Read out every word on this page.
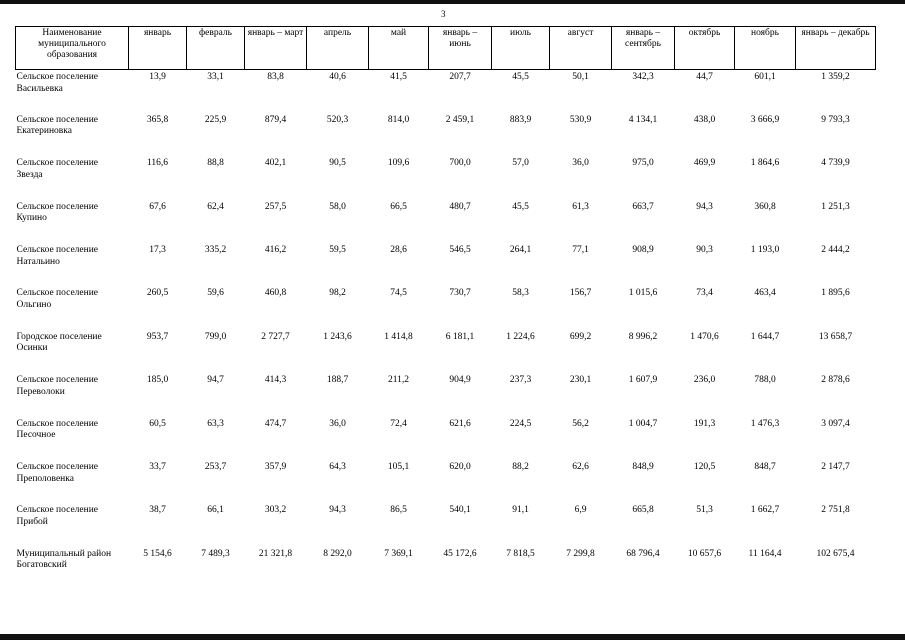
3
Наименование муниципального образования	январь	февраль	январь – март	апрель	май	январь – июнь	июль	август	январь – сентябрь	октябрь	ноябрь	январь – декабрь
Сельское поселение Васильевка	13,9	33,1	83,8	40,6	41,5	207,7	45,5	50,1	342,3	44,7	601,1	1 359,2
Сельское поселение Екатериновка	365,8	225,9	879,4	520,3	814,0	2 459,1	883,9	530,9	4 134,1	438,0	3 666,9	9 793,3
Сельское поселение Звезда	116,6	88,8	402,1	90,5	109,6	700,0	57,0	36,0	975,0	469,9	1 864,6	4 739,9
Сельское поселение Купино	67,6	62,4	257,5	58,0	66,5	480,7	45,5	61,3	663,7	94,3	360,8	1 251,3
Сельское поселение Натальино	17,3	335,2	416,2	59,5	28,6	546,5	264,1	77,1	908,9	90,3	1 193,0	2 444,2
Сельское поселение Ольгино	260,5	59,6	460,8	98,2	74,5	730,7	58,3	156,7	1 015,6	73,4	463,4	1 895,6
Городское поселение Осинки	953,7	799,0	2 727,7	1 243,6	1 414,8	6 181,1	1 224,6	699,2	8 996,2	1 470,6	1 644,7	13 658,7
Сельское поселение Переволоки	185,0	94,7	414,3	188,7	211,2	904,9	237,3	230,1	1 607,9	236,0	788,0	2 878,6
Сельское поселение Песочное	60,5	63,3	474,7	36,0	72,4	621,6	224,5	56,2	1 004,7	191,3	1 476,3	3 097,4
Сельское поселение Преполовенка	33,7	253,7	357,9	64,3	105,1	620,0	88,2	62,6	848,9	120,5	848,7	2 147,7
Сельское поселение Прибой	38,7	66,1	303,2	94,3	86,5	540,1	91,1	6,9	665,8	51,3	1 662,7	2 751,8
Муниципальный район Богатовский	5 154,6	7 489,3	21 321,8	8 292,0	7 369,1	45 172,6	7 818,5	7 299,8	68 796,4	10 657,6	11 164,4	102 675,4
